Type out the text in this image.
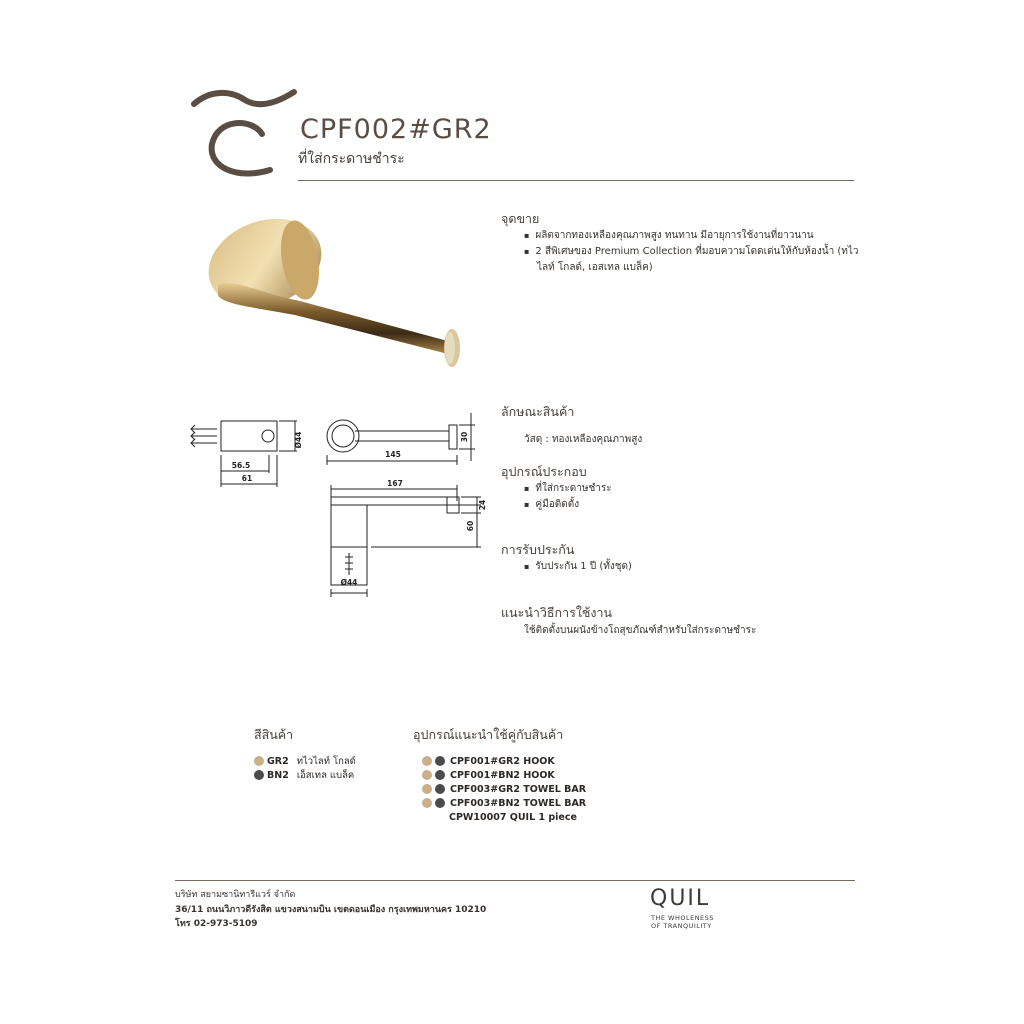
CPF002#GR2
ที่ใส่กระดาษชำระ
จุดขาย
▪ ผลิตจากทองเหลืองคุณภาพสูง ทนทาน มีอายุการใช้งานที่ยาวนาน
▪ 2 สีพิเศษของ Premium Collection ที่มอบความโดดเด่นให้กับห้องน้ำ (ทไว
ไลท์ โกลด์, เอสเทล แบล็ค)
Ø44
56.5
61
145
30
167
24
60
Ø44
ลักษณะสินค้า
วัสดุ : ทองเหลืองคุณภาพสูง
อุปกรณ์ประกอบ
▪ ที่ใส่กระดาษชำระ
▪ คู่มือติดตั้ง
การรับประกัน
▪ รับประกัน 1 ปี (ทั้งชุด)
แนะนำวิธีการใช้งาน
ใช้ติดตั้งบนผนังข้างโถสุขภัณฑ์สำหรับใส่กระดาษชำระ
สีสินค้า
GR2 ทไวไลท์ โกลด์
BN2 เอ็สเทล แบล็ค
อุปกรณ์แนะนำใช้คู่กับสินค้า
CPF001#GR2 HOOK
CPF001#BN2 HOOK
CPF003#GR2 TOWEL BAR
CPF003#BN2 TOWEL BAR
CPW10007 QUIL 1 piece
บริษัท สยามซานิทารีแวร์ จำกัด
36/11 ถนนวิภาวดีรังสิต แขวงสนามบิน เขตดอนเมือง กรุงเทพมหานคร 10210
โทร 02-973-5109
QUIL
THE WHOLENESS
OF TRANQUILITY
